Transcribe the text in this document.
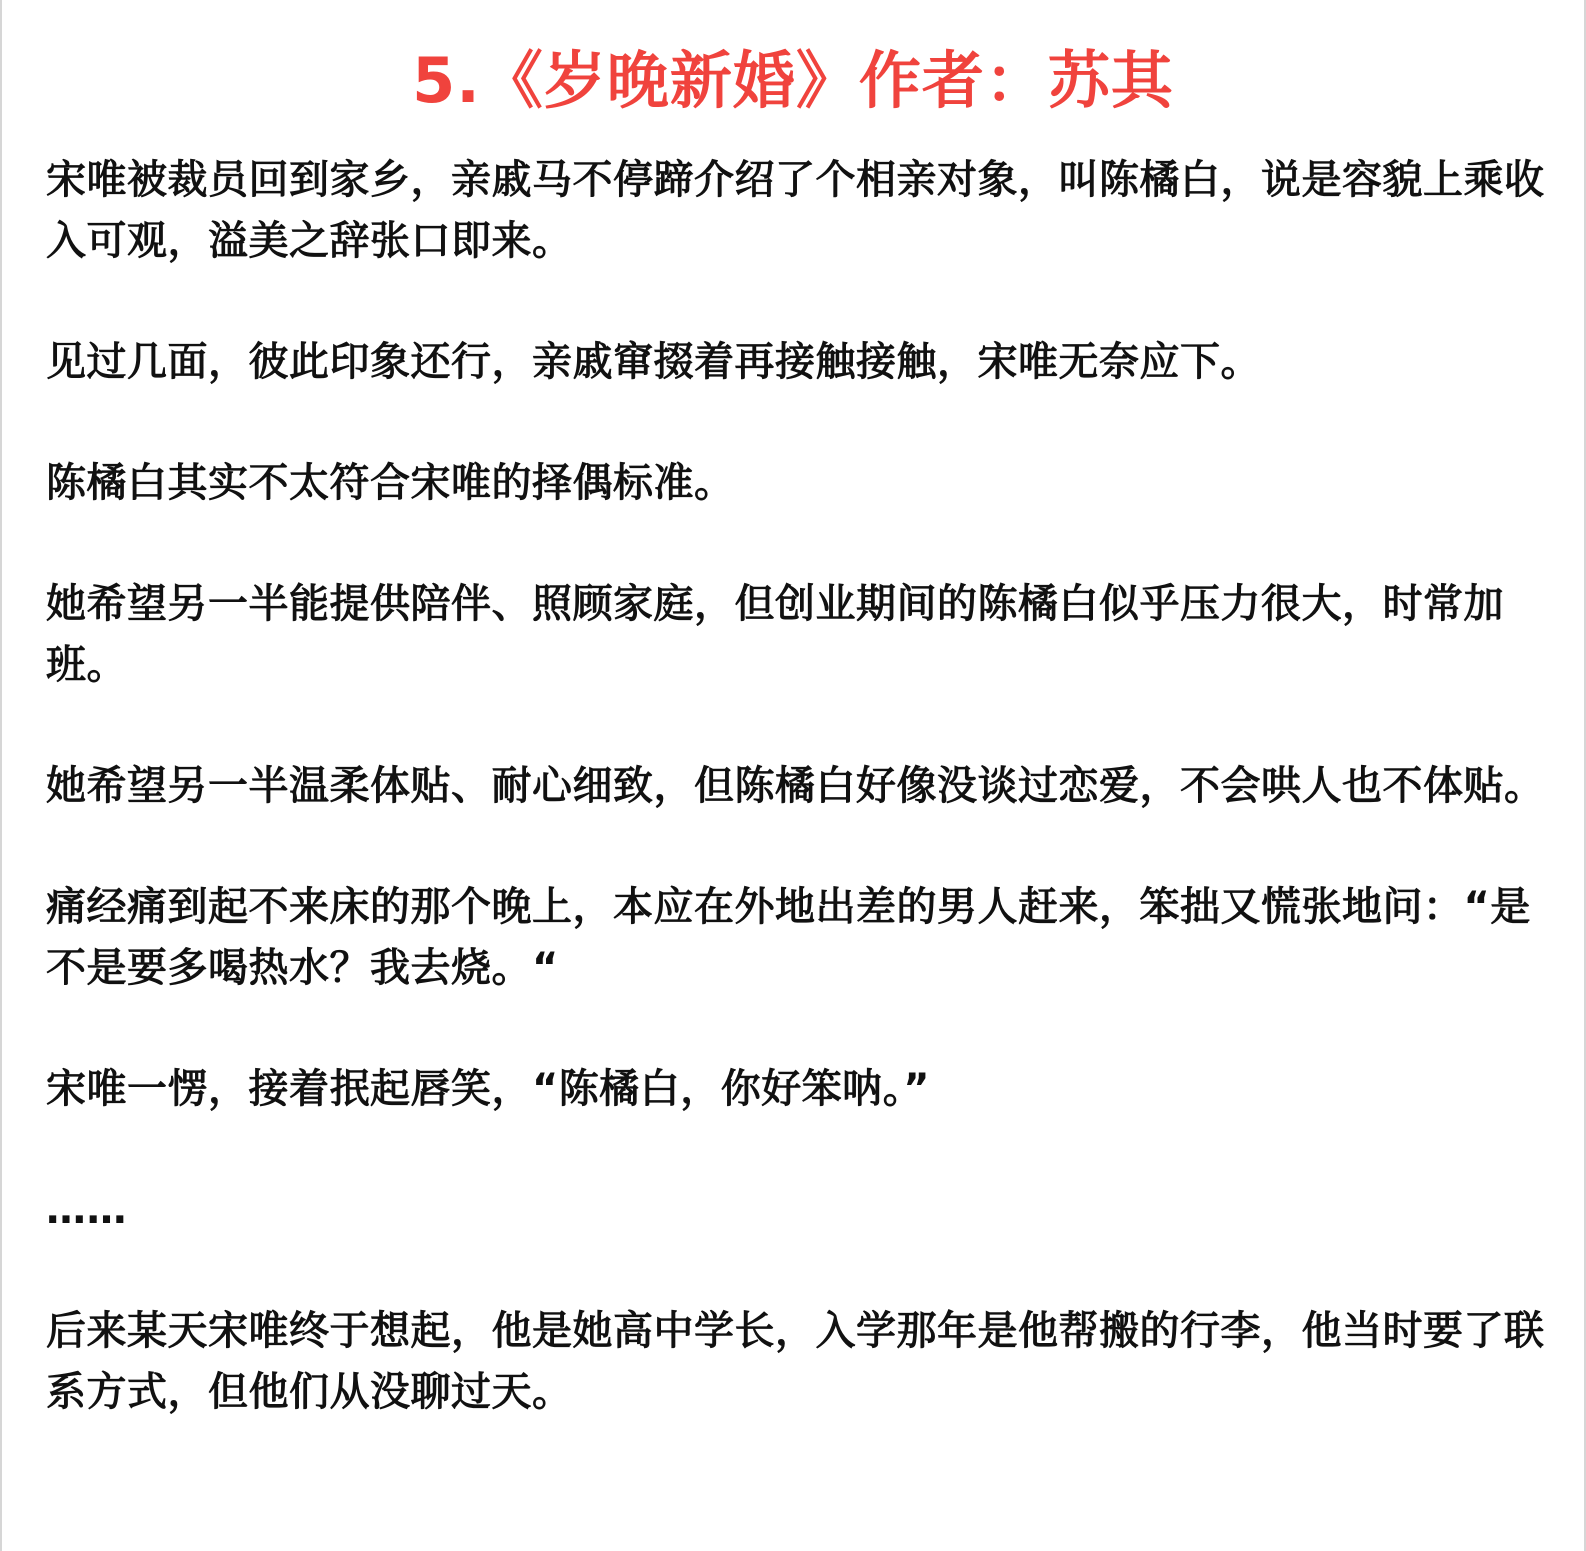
5.《岁晚新婚》作者：苏其

宋唯被裁员回到家乡，亲戚马不停蹄介绍了个相亲对象，叫陈橘白，说是容貌上乘收入可观，溢美之辞张口即来。

见过几面，彼此印象还行，亲戚窜掇着再接触接触，宋唯无奈应下。

陈橘白其实不太符合宋唯的择偶标准。

她希望另一半能提供陪伴、照顾家庭，但创业期间的陈橘白似乎压力很大，时常加班。

她希望另一半温柔体贴、耐心细致，但陈橘白好像没谈过恋爱，不会哄人也不体贴。

痛经痛到起不来床的那个晚上，本应在外地出差的男人赶来，笨拙又慌张地问：“是不是要多喝热水？我去烧。“

宋唯一愣，接着抿起唇笑，“陈橘白，你好笨呐。”

……

后来某天宋唯终于想起，他是她高中学长，入学那年是他帮搬的行李，他当时要了联系方式，但他们从没聊过天。
